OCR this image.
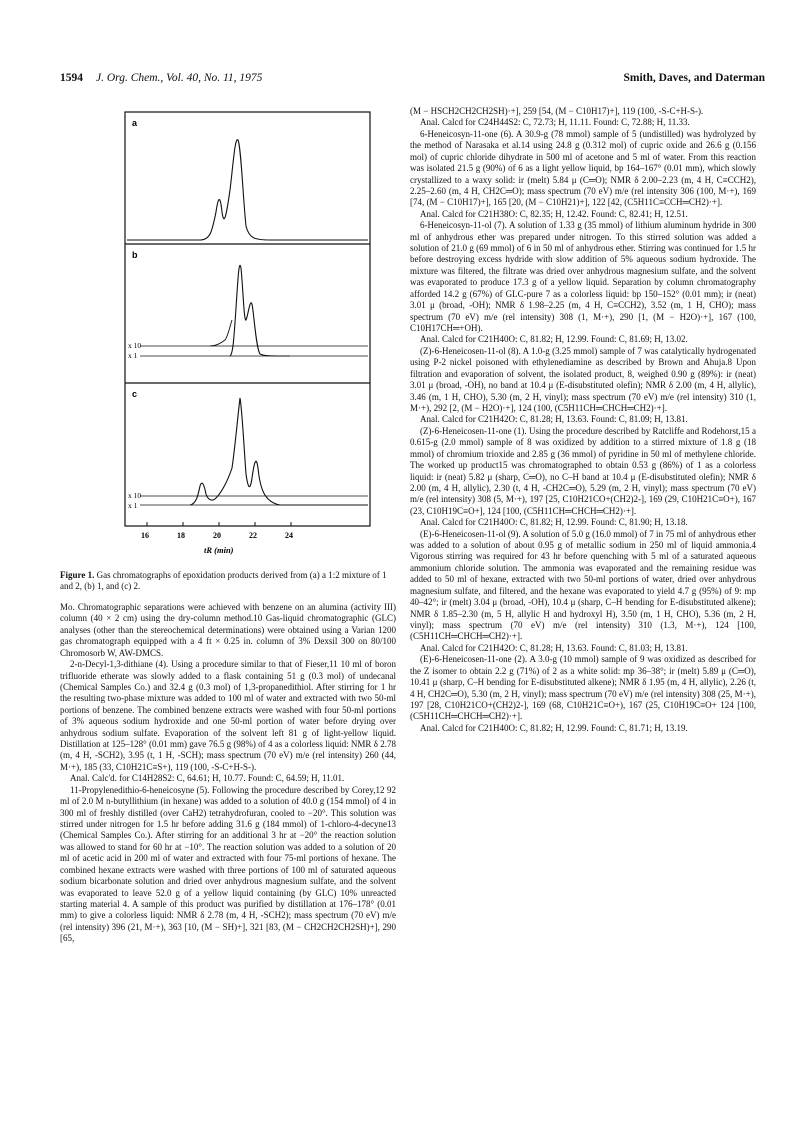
1594 J. Org. Chem., Vol. 40, No. 11, 1975	Smith, Daves, and Daterman
a
b
c
x 10
x 1
x 10
x 1
16	18	20	22	24
tR (min)
Figure 1. Gas chromatographs of epoxidation products derived from (a) a 1:2 mixture of 1 and 2, (b) 1, and (c) 2.

Mo. Chromatographic separations were achieved with benzene on an alumina (activity III) column (40 × 2 cm) using the dry-column method.10 Gas-liquid chromatographic (GLC) analyses (other than the stereochemical determinations) were obtained using a Varian 1200 gas chromatograph equipped with a 4 ft × 0.25 in. column of 3% Dexsil 300 on 80/100 Chromosorb W, AW-DMCS.

2-n-Decyl-1,3-dithiane (4). Using a procedure similar to that of Fieser,11 10 ml of boron trifluoride etherate was slowly added to a flask containing 51 g (0.3 mol) of undecanal (Chemical Samples Co.) and 32.4 g (0.3 mol) of 1,3-propanedithiol. After stirring for 1 hr the resulting two-phase mixture was added to 100 ml of water and extracted with two 50-ml portions of benzene. The combined benzene extracts were washed with four 50-ml portions of 3% aqueous sodium hydroxide and one 50-ml portion of water before drying over anhydrous sodium sulfate. Evaporation of the solvent left 81 g of light-yellow liquid. Distillation at 125–128° (0.01 mm) gave 76.5 g (98%) of 4 as a colorless liquid: NMR δ 2.78 (m, 4 H, -SCH2), 3.95 (t, 1 H, -SCH); mass spectrum (70 eV) m/e (rel intensity) 260 (44, M·+), 185 (33, C10H21C≡S+), 119 (100, -S-C+H-S-).

Anal. Calc'd. for C14H28S2: C, 64.61; H, 10.77. Found: C, 64.59; H, 11.01.

11-Propylenedithio-6-heneicosyne (5). Following the procedure described by Corey,12 92 ml of 2.0 M n-butyllithium (in hexane) was added to a solution of 40.0 g (154 mmol) of 4 in 300 ml of freshly distilled (over CaH2) tetrahydrofuran, cooled to −20°. This solution was stirred under nitrogen for 1.5 hr before adding 31.6 g (184 mmol) of 1-chloro-4-decyne13 (Chemical Samples Co.). After stirring for an additional 3 hr at −20° the reaction solution was allowed to stand for 60 hr at −10°. The reaction solution was added to a solution of 20 ml of acetic acid in 200 ml of water and extracted with four 75-ml portions of hexane. The combined hexane extracts were washed with three portions of 100 ml of saturated aqueous sodium bicarbonate solution and dried over anhydrous magnesium sulfate, and the solvent was evaporated to leave 52.0 g of a yellow liquid containing (by GLC) 10% unreacted starting material 4. A sample of this product was purified by distillation at 176–178° (0.01 mm) to give a colorless liquid: NMR δ 2.78 (m, 4 H, -SCH2); mass spectrum (70 eV) m/e (rel intensity) 396 (21, M·+), 363 [10, (M − SH)+], 321 [83, (M − CH2CH2CH2SH)+], 290 [65,

(M − HSCH2CH2CH2SH)·+], 259 [54, (M − C10H17)+], 119 (100, -S-C+H-S-).

Anal. Calcd for C24H44S2: C, 72.73; H, 11.11. Found: C, 72.88; H, 11.33.

6-Heneicosyn-11-one (6). A 30.9-g (78 mmol) sample of 5 (undistilled) was hydrolyzed by the method of Narasaka et al.14 using 24.8 g (0.312 mol) of cupric oxide and 26.6 g (0.156 mol) of cupric chloride dihydrate in 500 ml of acetone and 5 ml of water. From this reaction was isolated 21.5 g (90%) of 6 as a light yellow liquid, bp 164–167° (0.01 mm), which slowly crystallized to a waxy solid: ir (melt) 5.84 μ (C═O); NMR δ 2.00–2.23 (m, 4 H, C≡CCH2), 2.25–2.60 (m, 4 H, CH2C═O); mass spectrum (70 eV) m/e (rel intensity 306 (100, M·+), 169 [74, (M − C10H17)+], 165 [20, (M − C10H21)+], 122 [42, (C5H11C≡CCH═CH2)·+].

Anal. Calcd for C21H38O: C, 82.35; H, 12.42. Found: C, 82.41; H, 12.51.

6-Heneicosyn-11-ol (7). A solution of 1.33 g (35 mmol) of lithium aluminum hydride in 300 ml of anhydrous ether was prepared under nitrogen. To this stirred solution was added a solution of 21.0 g (69 mmol) of 6 in 50 ml of anhydrous ether. Stirring was continued for 1.5 hr before destroying excess hydride with slow addition of 5% aqueous sodium hydroxide. The mixture was filtered, the filtrate was dried over anhydrous magnesium sulfate, and the solvent was evaporated to produce 17.3 g of a yellow liquid. Separation by column chromatography afforded 14.2 g (67%) of GLC-pure 7 as a colorless liquid: bp 150–152° (0.01 mm); ir (neat) 3.01 μ (broad, -OH); NMR δ 1.98–2.25 (m, 4 H, C≡CCH2), 3.52 (m, 1 H, CHO); mass spectrum (70 eV) m/e (rel intensity) 308 (1, M·+), 290 [1, (M − H2O)·+], 167 (100, C10H17CH═+OH).

Anal. Calcd for C21H40O: C, 81.82; H, 12.99. Found: C, 81.69; H, 13.02.

(Z)-6-Heneicosen-11-ol (8). A 1.0-g (3.25 mmol) sample of 7 was catalytically hydrogenated using P-2 nickel poisoned with ethylenediamine as described by Brown and Ahuja.8 Upon filtration and evaporation of solvent, the isolated product, 8, weighed 0.90 g (89%): ir (neat) 3.01 μ (broad, -OH), no band at 10.4 μ (E-disubstituted olefin); NMR δ 2.00 (m, 4 H, allylic), 3.46 (m, 1 H, CHO), 5.30 (m, 2 H, vinyl); mass spectrum (70 eV) m/e (rel intensity) 310 (1, M·+), 292 [2, (M − H2O)·+], 124 (100, (C5H11CH═CHCH═CH2)·+].

Anal. Calcd for C21H42O: C, 81.28; H, 13.63. Found: C, 81.09; H, 13.81.

(Z)-6-Heneicosen-11-one (1). Using the procedure described by Ratcliffe and Rodehorst,15 a 0.615-g (2.0 mmol) sample of 8 was oxidized by addition to a stirred mixture of 1.8 g (18 mmol) of chromium trioxide and 2.85 g (36 mmol) of pyridine in 50 ml of methylene chloride. The worked up product15 was chromatographed to obtain 0.53 g (86%) of 1 as a colorless liquid: ir (neat) 5.82 μ (sharp, C═O), no C–H band at 10.4 μ (E-disubstituted olefin); NMR δ 2.00 (m, 4 H, allylic), 2.30 (t, 4 H, -CH2C═O), 5.29 (m, 2 H, vinyl); mass spectrum (70 eV) m/e (rel intensity) 308 (5, M·+), 197 [25, C10H21CO+(CH2)2-], 169 (29, C10H21C≡O+), 167 (23, C10H19C≡O+], 124 [100, (C5H11CH═CHCH═CH2)·+].

Anal. Calcd for C21H40O: C, 81.82; H, 12.99. Found: C, 81.90; H, 13.18.

(E)-6-Heneicosen-11-ol (9). A solution of 5.0 g (16.0 mmol) of 7 in 75 ml of anhydrous ether was added to a solution of about 0.95 g of metallic sodium in 250 ml of liquid ammonia.4 Vigorous stirring was required for 43 hr before quenching with 5 ml of a saturated aqueous ammonium chloride solution. The ammonia was evaporated and the remaining residue was added to 50 ml of hexane, extracted with two 50-ml portions of water, dried over anhydrous magnesium sulfate, and filtered, and the hexane was evaporated to yield 4.7 g (95%) of 9: mp 40–42°; ir (melt) 3.04 μ (broad, -OH), 10.4 μ (sharp, C–H bending for E-disubstituted alkene); NMR δ 1.85–2.30 (m, 5 H, allylic H and hydroxyl H), 3.50 (m, 1 H, CHO), 5.36 (m, 2 H, vinyl); mass spectrum (70 eV) m/e (rel intensity) 310 (1.3, M·+), 124 [100, (C5H11CH═CHCH═CH2)·+].

Anal. Calcd for C21H42O: C, 81.28; H, 13.63. Found: C, 81.03; H, 13.81.

(E)-6-Heneicosen-11-one (2). A 3.0-g (10 mmol) sample of 9 was oxidized as described for the Z isomer to obtain 2.2 g (71%) of 2 as a white solid: mp 36–38°; ir (melt) 5.89 μ (C═O), 10.41 μ (sharp, C–H bending for E-disubstituted alkene); NMR δ 1.95 (m, 4 H, allylic), 2.26 (t, 4 H, CH2C═O), 5.30 (m, 2 H, vinyl); mass spectrum (70 eV) m/e (rel intensity) 308 (25, M·+), 197 [28, C10H21CO+(CH2)2-], 169 (68, C10H21C≡O+), 167 (25, C10H19C≡O+ 124 [100, (C5H11CH═CHCH═CH2)·+].

Anal. Calcd for C21H40O: C, 81.82; H, 12.99. Found: C, 81.71; H, 13.19.
